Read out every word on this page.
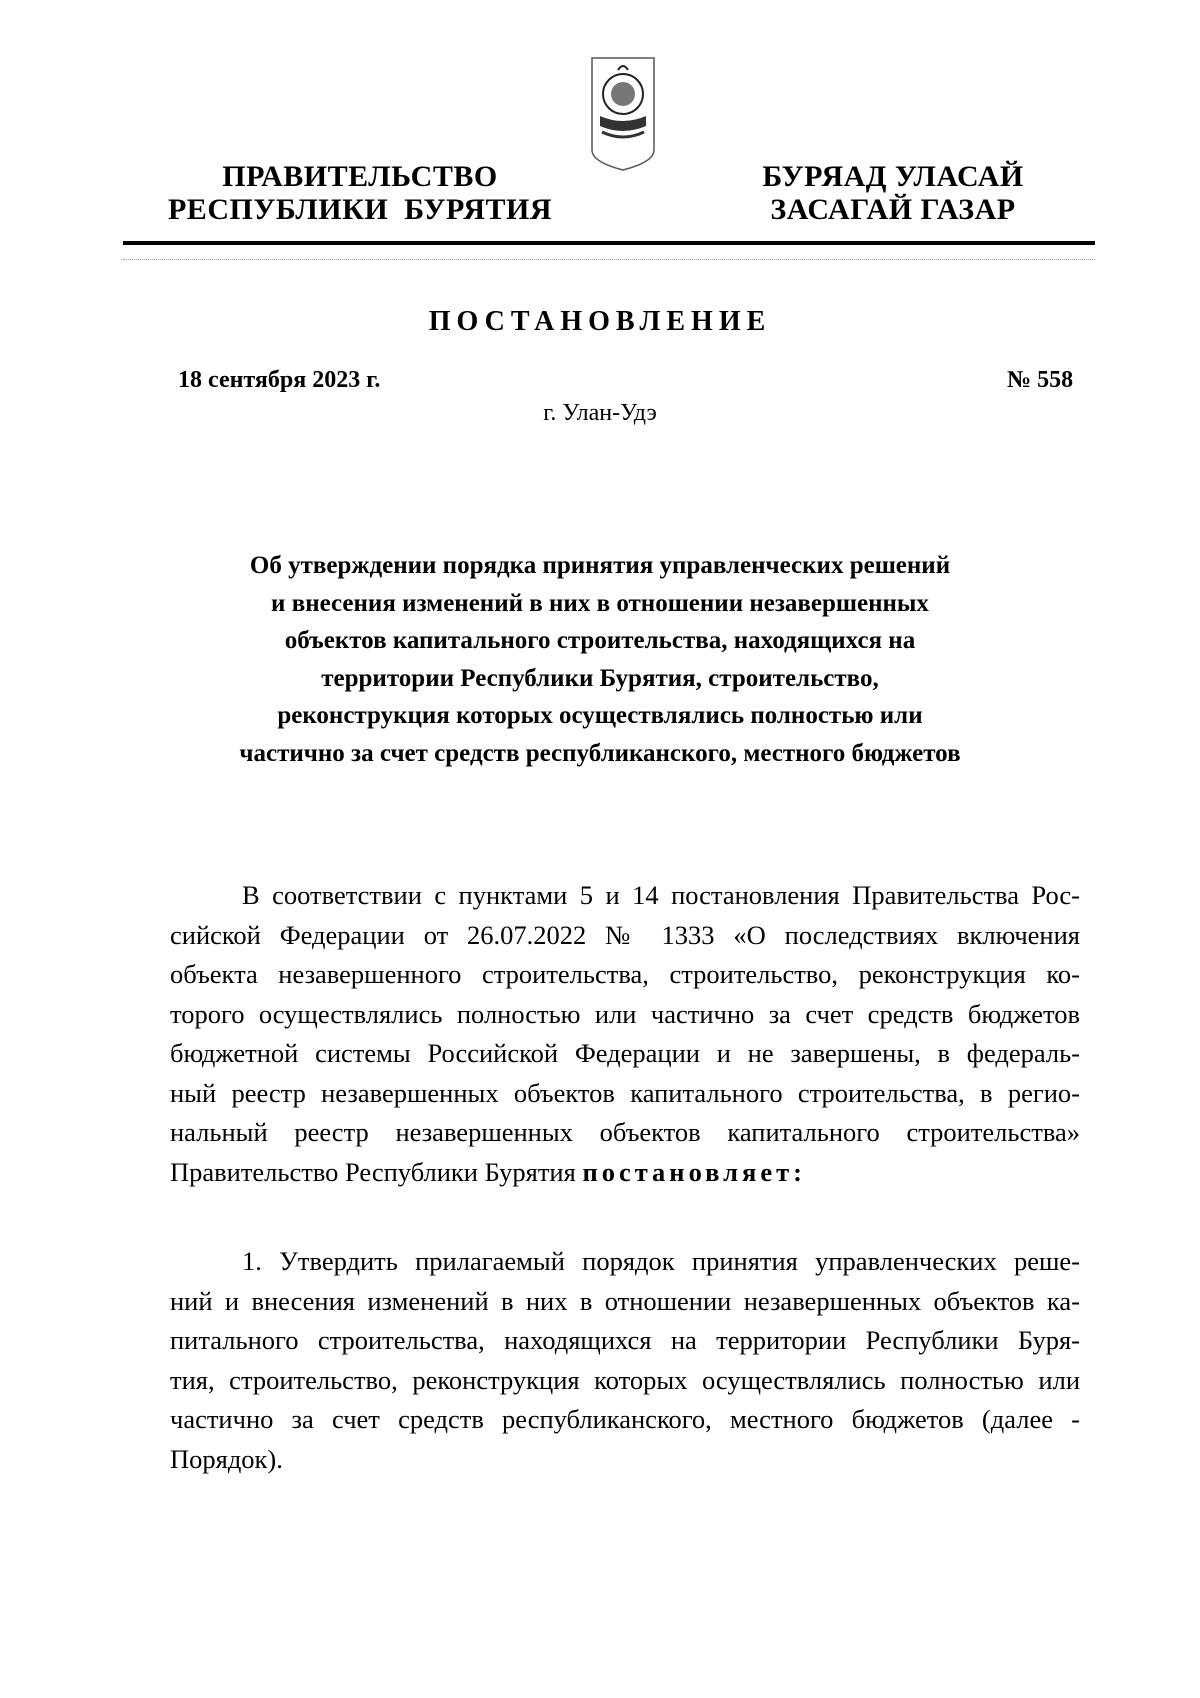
ПРАВИТЕЛЬСТВО
РЕСПУБЛИКИ  БУРЯТИЯ
БУРЯАД УЛАСАЙ
ЗАСАГАЙ ГАЗАР
ПОСТАНОВЛЕНИЕ
18 сентября 2023 г.	№ 558
г. Улан-Удэ
Об утверждении порядка принятия управленческих решений
и внесения изменений в них в отношении незавершенных
объектов капитального строительства, находящихся на
территории Республики Бурятия, строительство,
реконструкция которых осуществлялись полностью или
частично за счет средств республиканского, местного бюджетов
В соответствии с пунктами 5 и 14 постановления Правительства Рос-
сийской Федерации от 26.07.2022 № 1333 «О последствиях включения
объекта незавершенного строительства, строительство, реконструкция ко-
торого осуществлялись полностью или частично за счет средств бюджетов
бюджетной системы Российской Федерации и не завершены, в федераль-
ный реестр незавершенных объектов капитального строительства, в регио-
нальный реестр незавершенных объектов капитального строительства»
Правительство Республики Бурятия постановляет:
1. Утвердить прилагаемый порядок принятия управленческих реше-
ний и внесения изменений в них в отношении незавершенных объектов ка-
питального строительства, находящихся на территории Республики Буря-
тия, строительство, реконструкция которых осуществлялись полностью или
частично за счет средств республиканского, местного бюджетов (далее -
Порядок).
